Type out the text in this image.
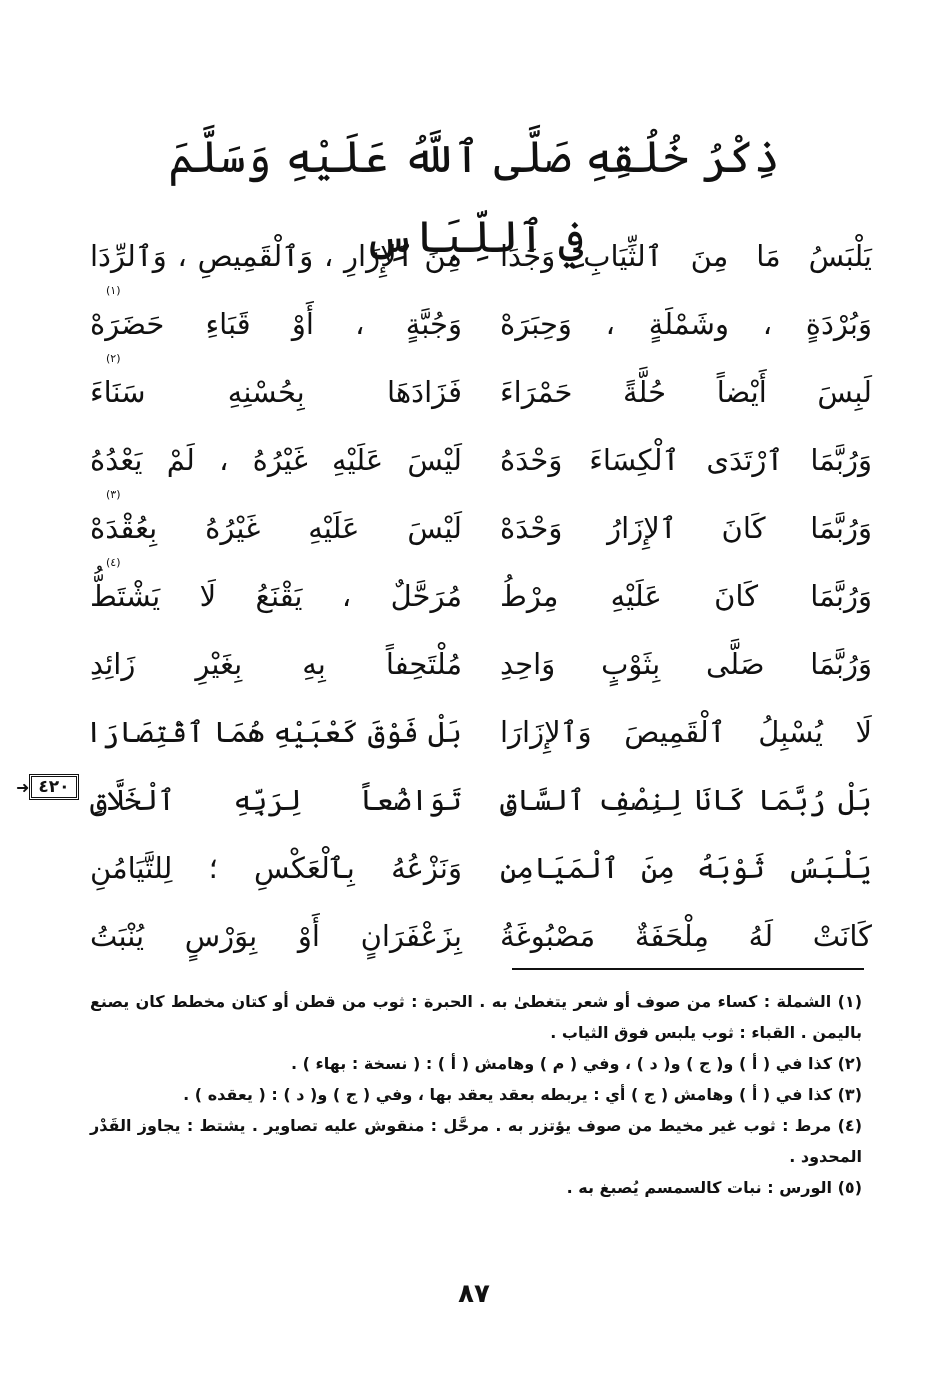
ذِكْرُ خُلُقِهِ صَلَّى ٱللَّهُ عَلَيْهِ وَسَلَّمَ فِي ٱللِّبَاسِ
يَلْبَسُ مَا مِنَ ٱلثِّيَابِ وَجَدَا
مِنَ ٱلإِزَارِ ، وَٱلْقَمِيصِ ، وَٱلرِّدَا
وَبُرْدَةٍ ، وشَمْلَةٍ ، وَحِبَرَهْ
وَجُبَّةٍ ، أَوْ قَبَاءِ حَضَرَهْ
(١)
لَبِسَ أَيْضاً حُلَّةً حَمْرَاءَ
فَزَادَهَا بِحُسْنِهِ سَنَاءَ
(٢)
وَرُبَّمَا ٱرْتَدَى ٱلْكِسَاءَ وَحْدَهُ
لَيْسَ عَلَيْهِ غَيْرُهُ ، لَمْ يَعْدُهُ
وَرُبَّمَا كَانَ ٱلإِزَارُ وَحْدَهْ
لَيْسَ عَلَيْهِ غَيْرُهُ بِعُقْدَهْ
(٣)
وَرُبَّمَا كَانَ عَلَيْهِ مِرْطُ
مُرَحَّلٌ ، يَقْنَعُ لَا يَشْتَطُّ
(٤)
وَرُبَّمَا صَلَّى بِثَوْبٍ وَاحِدِ
مُلْتَحِفاً بِهِ بِغَيْرِ زَائِدِ
لَا يُسْبِلُ ٱلْقَمِيصَ وَٱلإِزَارَا
بَلْ فَوْقَ كَعْبَيْهِ هُمَا ٱقْتِصَارَا
بَلْ رُبَّمَا كَانَا لِنِصْفِ ٱلسَّاقِ
تَوَاضُعاً لِرَبِّهِ ٱلْخَلَّاقِ
يَلْبَسُ ثَوْبَهُ مِنَ ٱلْمَيَامِنِ
وَنَزْعُهُ بِٱلْعَكْسِ ؛ لِلتَّيَامُنِ
كَانَتْ لَهُ مِلْحَفَةٌ مَصْبُوغَةُ
بِزَعْفَرَانٍ أَوْ بِوَرْسٍ يُنْبَتُ
٤٢٠
➜

(١) الشملة : كساء من صوف أو شعر يتغطىٰ به . الحبرة : ثوب من قطن أو كتان مخطط كان يصنع باليمن . القباء : ثوب يلبس فوق الثياب .

(٢) كذا في ( أ ) و( ج ) و( د ) ، وفي ( م ) وهامش ( أ ) : ( نسخة : بهاء ) .

(٣) كذا في ( أ ) وهامش ( ج ) أي : يربطه بعقد يعقد بها ، وفي ( ج ) و( د ) : ( يعقده ) .

(٤) مرط : ثوب غير مخيط من صوف يؤتزر به . مرحَّل : منقوش عليه تصاوير . يشتط : يجاوز القَدْر المحدود .

(٥) الورس : نبات كالسمسم يُصبغ به .

٨٧
